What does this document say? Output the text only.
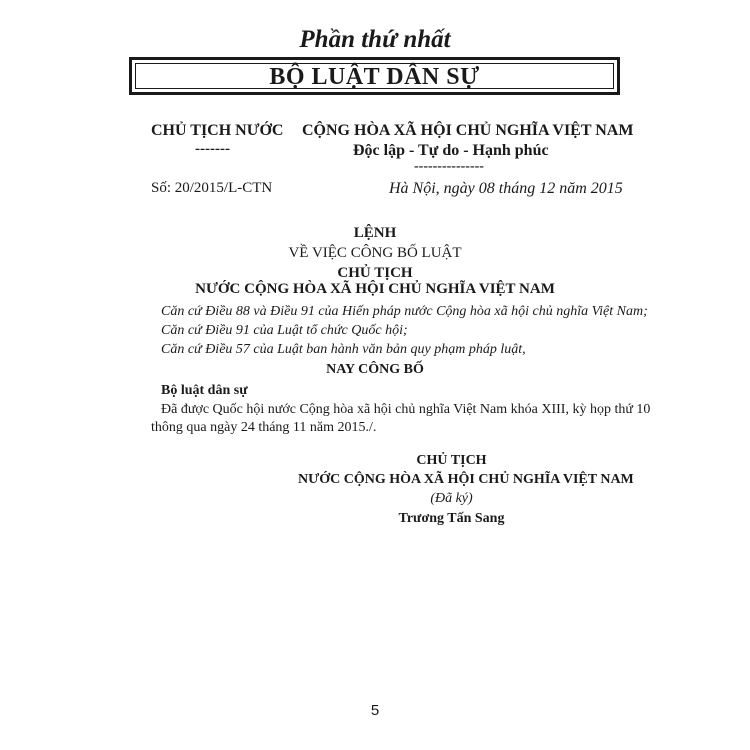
Phần thứ nhất
BỘ LUẬT DÂN SỰ
CHỦ TỊCH NƯỚC
-------
CỘNG HÒA XÃ HỘI CHỦ NGHĨA VIỆT NAM
Độc lập - Tự do - Hạnh phúc
---------------
Số: 20/2015/L-CTN	Hà Nội, ngày 08 tháng 12 năm 2015
LỆNH
VỀ VIỆC CÔNG BỐ LUẬT
CHỦ TỊCH
NƯỚC CỘNG HÒA XÃ HỘI CHỦ NGHĨA VIỆT NAM
Căn cứ Điều 88 và Điều 91 của Hiến pháp nước Cộng hòa xã hội chủ nghĩa Việt Nam;
Căn cứ Điều 91 của Luật tổ chức Quốc hội;
Căn cứ Điều 57 của Luật ban hành văn bản quy phạm pháp luật,
NAY CÔNG BỐ
Bộ luật dân sự
Đã được Quốc hội nước Cộng hòa xã hội chủ nghĩa Việt Nam khóa XIII, kỳ họp thứ 10
thông qua ngày 24 tháng 11 năm 2015./.
CHỦ TỊCH
NƯỚC CỘNG HÒA XÃ HỘI CHỦ NGHĨA VIỆT NAM
(Đã ký)
Trương Tấn Sang
5
